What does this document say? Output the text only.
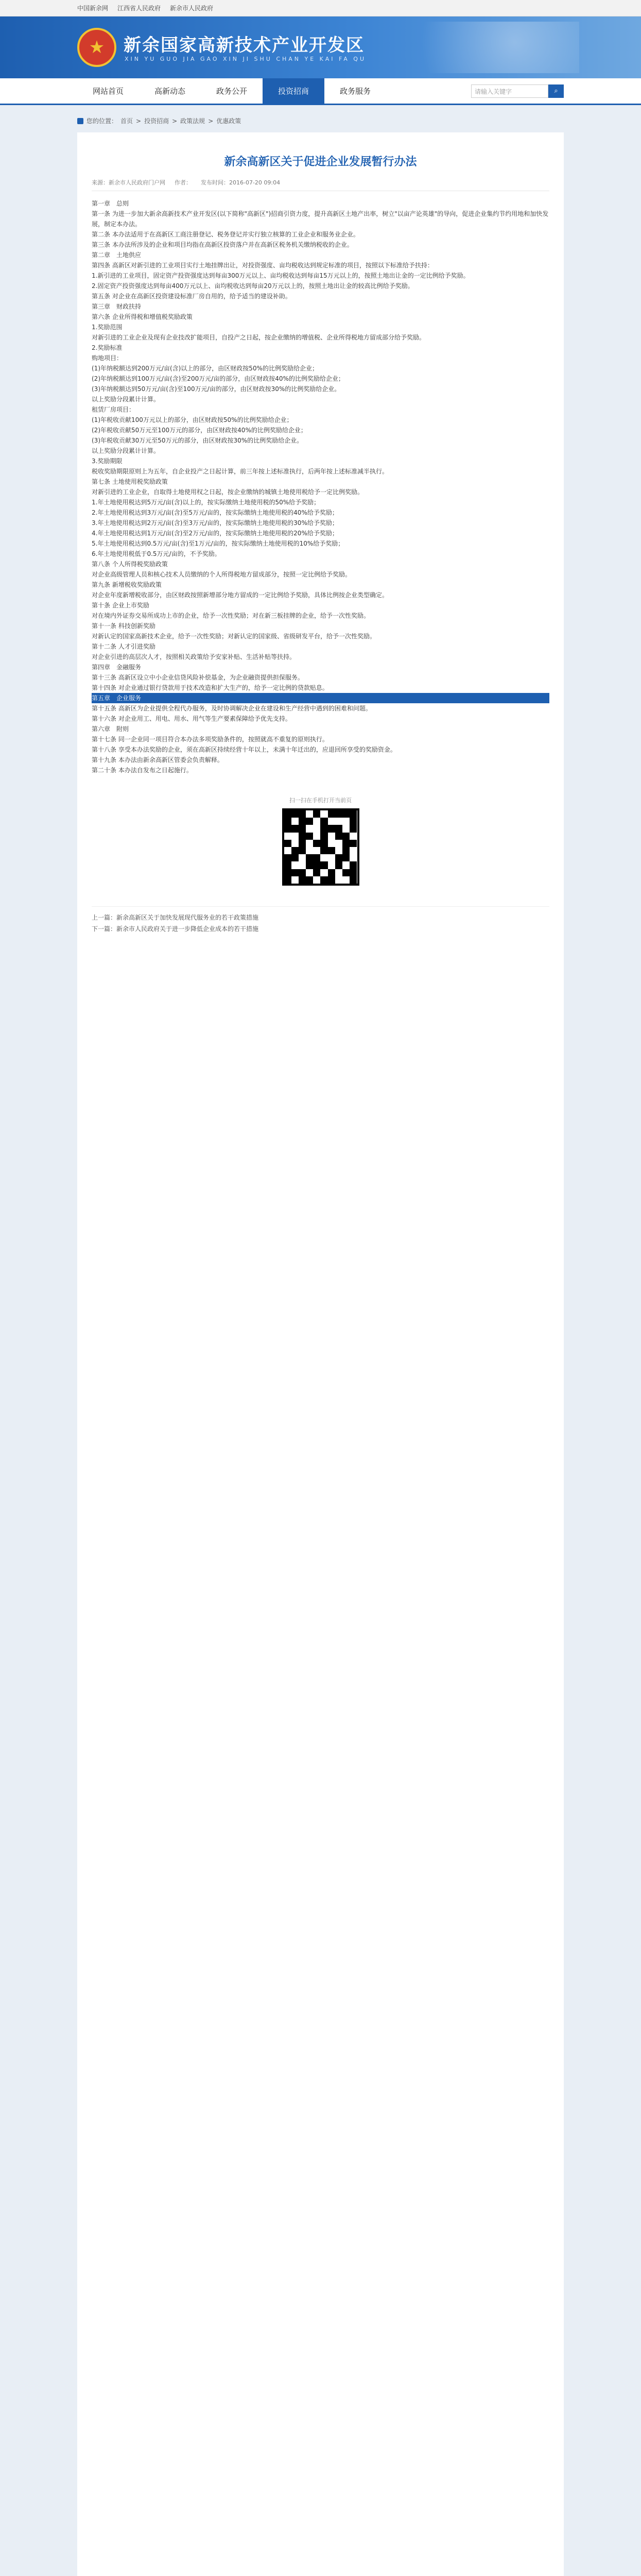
中国新余网 江西省人民政府 新余市人民政府
★	新余国家高新技术产业开发区
XIN YU GUO JIA GAO XIN JI SHU CHAN YE KAI FA QU
网站首页	高新动态	政务公开	投资招商	政务服务	请输入关键字	⌕
您的位置： 首页 > 投资招商 > 政策法规 > 优惠政策
新余高新区关于促进企业发展暂行办法
来源：新余市人民政府门户网 作者： 发布时间：2016-07-20 09:04

第一章　总则

第一条 为进一步加大新余高新技术产业开发区(以下简称"高新区")招商引资力度，提升高新区土地产出率，树立"以亩产论英雄"的导向，促进企业集约节约用地和加快发展，制定本办法。

第二条 本办法适用于在高新区工商注册登记、税务登记并实行独立核算的工业企业和服务业企业。

第三条 本办法所涉及的企业和项目均指在高新区投资落户并在高新区税务机关缴纳税收的企业。

第二章　土地供应

第四条 高新区对新引进的工业项目实行土地挂牌出让，对投资强度、亩均税收达到规定标准的项目，按照以下标准给予扶持：

1.新引进的工业项目，固定资产投资强度达到每亩300万元以上、亩均税收达到每亩15万元以上的，按照土地出让金的一定比例给予奖励。

2.固定资产投资强度达到每亩400万元以上、亩均税收达到每亩20万元以上的，按照土地出让金的较高比例给予奖励。

第五条 对企业在高新区投资建设标准厂房自用的，给予适当的建设补助。

第三章　财政扶持

第六条 企业所得税和增值税奖励政策

1.奖励范围

对新引进的工业企业及现有企业技改扩能项目，自投产之日起，按企业缴纳的增值税、企业所得税地方留成部分给予奖励。

2.奖励标准

购地项目：

(1)年纳税额达到200万元/亩(含)以上的部分，由区财政按50%的比例奖励给企业；

(2)年纳税额达到100万元/亩(含)至200万元/亩的部分，由区财政按40%的比例奖励给企业；

(3)年纳税额达到50万元/亩(含)至100万元/亩的部分，由区财政按30%的比例奖励给企业。

以上奖励分段累计计算。

租赁厂房项目：

(1)年税收贡献100万元以上的部分，由区财政按50%的比例奖励给企业；

(2)年税收贡献50万元至100万元的部分，由区财政按40%的比例奖励给企业；

(3)年税收贡献30万元至50万元的部分，由区财政按30%的比例奖励给企业。

以上奖励分段累计计算。

3.奖励期限

税收奖励期限原则上为五年，自企业投产之日起计算，前三年按上述标准执行，后两年按上述标准减半执行。

第七条 土地使用税奖励政策

对新引进的工业企业，自取得土地使用权之日起，按企业缴纳的城镇土地使用税给予一定比例奖励。

1.年土地使用税达到5万元/亩(含)以上的，按实际缴纳土地使用税的50%给予奖励；

2.年土地使用税达到3万元/亩(含)至5万元/亩的，按实际缴纳土地使用税的40%给予奖励；

3.年土地使用税达到2万元/亩(含)至3万元/亩的，按实际缴纳土地使用税的30%给予奖励；

4.年土地使用税达到1万元/亩(含)至2万元/亩的，按实际缴纳土地使用税的20%给予奖励；

5.年土地使用税达到0.5万元/亩(含)至1万元/亩的，按实际缴纳土地使用税的10%给予奖励；

6.年土地使用税低于0.5万元/亩的，不予奖励。

第八条 个人所得税奖励政策

对企业高级管理人员和核心技术人员缴纳的个人所得税地方留成部分，按照一定比例给予奖励。

第九条 新增税收奖励政策

对企业年度新增税收部分，由区财政按照新增部分地方留成的一定比例给予奖励，具体比例按企业类型确定。

第十条 企业上市奖励

对在境内外证券交易所成功上市的企业，给予一次性奖励；对在新三板挂牌的企业，给予一次性奖励。

第十一条 科技创新奖励

对新认定的国家高新技术企业，给予一次性奖励；对新认定的国家级、省级研发平台，给予一次性奖励。

第十二条 人才引进奖励

对企业引进的高层次人才，按照相关政策给予安家补贴、生活补贴等扶持。

第四章　金融服务

第十三条 高新区设立中小企业信贷风险补偿基金，为企业融资提供担保服务。

第十四条 对企业通过银行贷款用于技术改造和扩大生产的，给予一定比例的贷款贴息。

第五章　企业服务

第十五条 高新区为企业提供全程代办服务，及时协调解决企业在建设和生产经营中遇到的困难和问题。

第十六条 对企业用工、用电、用水、用气等生产要素保障给予优先支持。

第六章　附则

第十七条 同一企业同一项目符合本办法多项奖励条件的，按照就高不重复的原则执行。

第十八条 享受本办法奖励的企业，须在高新区持续经营十年以上，未满十年迁出的，应退回所享受的奖励资金。

第十九条 本办法由新余高新区管委会负责解释。

第二十条 本办法自发布之日起施行。

扫一扫在手机打开当前页
上一篇：新余高新区关于加快发展现代服务业的若干政策措施
下一篇：新余市人民政府关于进一步降低企业成本的若干措施
